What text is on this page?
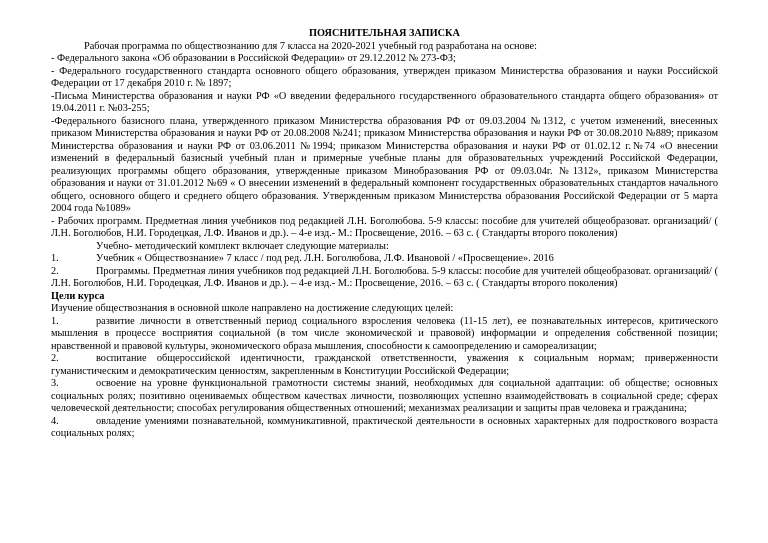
ПОЯСНИТЕЛЬНАЯ ЗАПИСКА

Рабочая программа по обществознанию для 7 класса на 2020-2021 учебный год разработана на основе:

- Федерального закона «Об образовании в Российской Федерации» от 29.12.2012 № 273-ФЗ;

- Федерального государственного стандарта основного общего образования, утвержден приказом Министерства образования и науки Российской Федерации от 17 декабря 2010 г. № 1897;

-Письма Министерства образования и науки РФ «О введении федерального государственного образовательного стандарта общего образования» от 19.04.2011 г. №03-255;

-Федерального базисного плана, утвержденного приказом Министерства образования РФ от 09.03.2004 №1312, с учетом изменений, внесенных приказом Министерства образования и науки РФ от 20.08.2008 №241; приказом Министерства образования и науки РФ от 30.08.2010 №889; приказом Министерства образования и науки РФ от 03.06.2011 №1994; приказом Министерства образования и науки РФ от 01.02.12 г.№74 «О внесении изменений в федеральный базисный учебный план и примерные учебные планы для образовательных учреждений Российской Федерации, реализующих программы общего образования, утвержденные приказом Минобразования РФ от 09.03.04г. №1312», приказом Министерства образования и науки от 31.01.2012 №69 « О внесении изменений в федеральный компонент государственных образовательных стандартов начального общего, основного общего и среднего общего образования. Утвержденным приказом Министерства образования Российской Федерации от 5 марта 2004 года №1089»

- Рабочих программ. Предметная линия учебников под редакцией Л.Н. Боголюбова. 5-9 классы: пособие для учителей общеобразоват. организаций/ ( Л.Н. Боголюбов, Н.И. Городецкая, Л.Ф. Иванов и др.). – 4-е изд.- М.: Просвещение, 2016. – 63 с. ( Стандарты второго поколения)

Учебно- методический комплект включает следующие материалы:

1.	Учебник « Обществознание» 7 класс / под ред. Л.Н. Боголюбова, Л.Ф. Ивановой / «Просвещение». 2016

2.	Программы. Предметная линия учебников под редакцией Л.Н. Боголюбова. 5-9 классы: пособие для учителей общеобразоват. организаций/ ( Л.Н. Боголюбов, Н.И. Городецкая, Л.Ф. Иванов и др.). – 4-е изд.- М.: Просвещение, 2016. – 63 с. ( Стандарты второго поколения)

Цели курса

Изучение обществознания в основной школе направлено на достижение следующих целей:

1.	развитие личности в ответственный период социального взросления человека (11-15 лет), ее познавательных интересов, критического мышления в процессе восприятия социальной (в том числе экономической и правовой) информации и определения собственной позиции; нравственной и правовой культуры, экономического образа мышления, способности к самоопределению и самореализации;

2.	воспитание общероссийской идентичности, гражданской ответственности, уважения к социальным нормам; приверженности гуманистическим и демократическим ценностям, закрепленным в Конституции Российской Федерации;

3.	освоение на уровне функциональной грамотности системы знаний, необходимых для социальной адаптации: об обществе; основных социальных ролях; позитивно оцениваемых обществом качествах личности, позволяющих успешно взаимодействовать в социальной среде; сферах человеческой деятельности; способах регулирования общественных отношений; механизмах реализации и защиты прав человека и гражданина;

4.	овладение умениями познавательной, коммуникативной, практической деятельности в основных характерных для подросткового возраста социальных ролях;
